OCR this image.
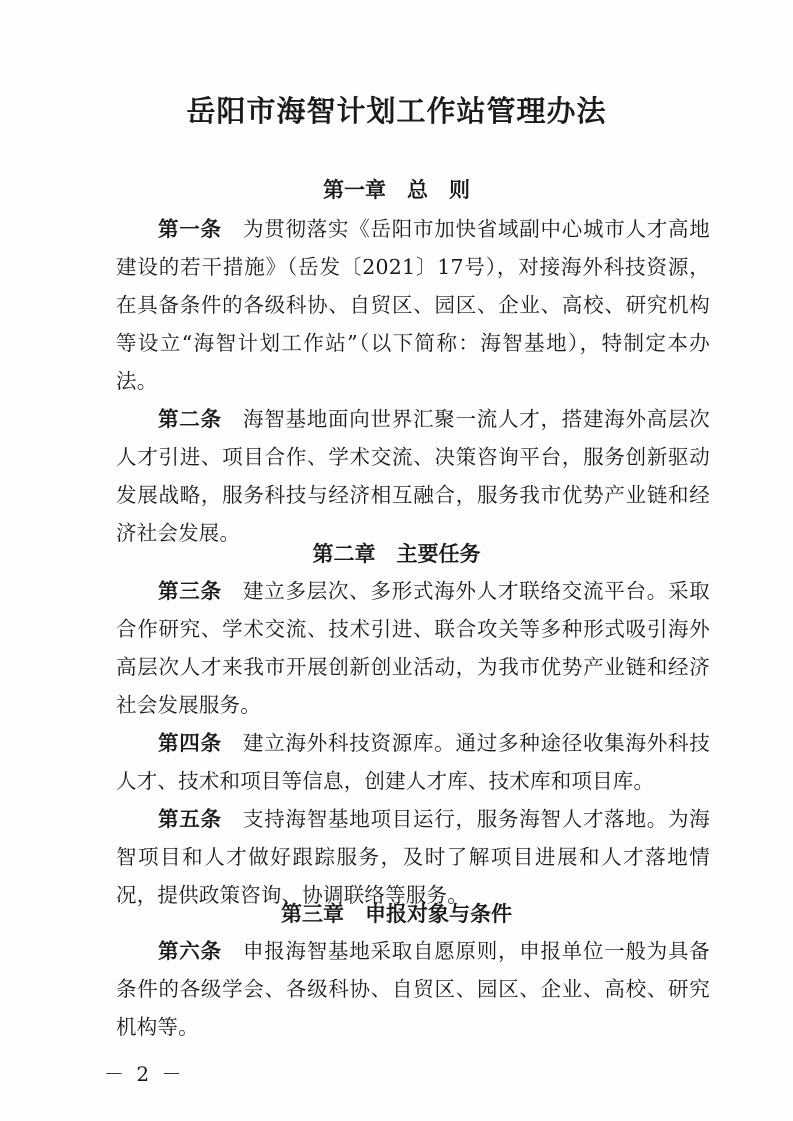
岳阳市海智计划工作站管理办法
第一章　总　则

第一条　 为贯彻落实《岳阳市加快省域副中心城市人才高地建设的若干措施》（岳发〔2021〕17号），对接海外科技资源，在具备条件的各级科协、自贸区、园区、企业、高校、研究机构等设立“海智计划工作站”（以下简称：海智基地），特制定本办法。

第二条　 海智基地面向世界汇聚一流人才，搭建海外高层次人才引进、项目合作、学术交流、决策咨询平台，服务创新驱动发展战略，服务科技与经济相互融合，服务我市优势产业链和经济社会发展。

第二章　主要任务

第三条　 建立多层次、多形式海外人才联络交流平台。采取合作研究、学术交流、技术引进、联合攻关等多种形式吸引海外高层次人才来我市开展创新创业活动，为我市优势产业链和经济社会发展服务。

第四条　 建立海外科技资源库。通过多种途径收集海外科技人才、技术和项目等信息，创建人才库、技术库和项目库。

第五条　 支持海智基地项目运行，服务海智人才落地。为海智项目和人才做好跟踪服务，及时了解项目进展和人才落地情况，提供政策咨询、协调联络等服务。

第三章　申报对象与条件

第六条　 申报海智基地采取自愿原则，申报单位一般为具备条件的各级学会、各级科协、自贸区、园区、企业、高校、研究机构等。

－ 2 －
